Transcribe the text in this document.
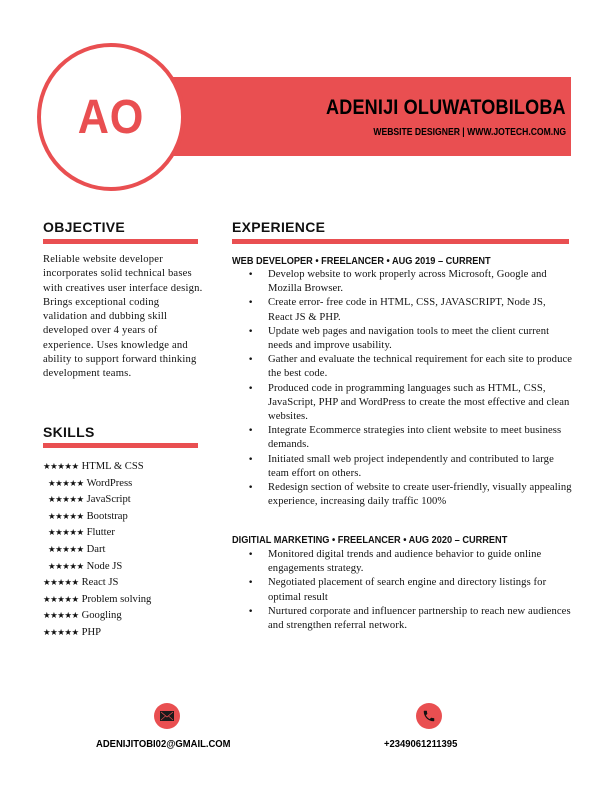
AO	ADENIJI OLUWATOBILOBA
WEBSITE DESIGNER | WWW.JOTECH.COM.NG
OBJECTIVE

Reliable website developer incorporates solid technical bases with creatives user interface design. Brings exceptional coding validation and dubbing skill developed over 4 years of experience. Uses knowledge and ability to support forward thinking development teams.

SKILLS
★★★★★ HTML & CSS
★★★★★ WordPress
★★★★★ JavaScript
★★★★★ Bootstrap
★★★★★ Flutter
★★★★★ Dart
★★★★★ Node JS
★★★★★ React JS
★★★★★ Problem solving
★★★★★ Googling
★★★★★ PHP
EXPERIENCE
WEB DEVELOPER • FREELANCER • AUG 2019 – CURRENT
• Develop website to work properly across Microsoft, Google and Mozilla Browser.
• Create error- free code in HTML, CSS, JAVASCRIPT, Node JS, React JS & PHP.
• Update web pages and navigation tools to meet the client current needs and improve usability.
• Gather and evaluate the technical requirement for each site to produce the best code.
• Produced code in programming languages such as HTML, CSS, JavaScript, PHP and WordPress to create the most effective and clean websites.
• Integrate Ecommerce strategies into client website to meet business demands.
• Initiated small web project independently and contributed to large team effort on others.
• Redesign section of website to create user-friendly, visually appealing experience, increasing daily traffic 100%
DIGITIAL MARKETING • FREELANCER • AUG 2020 – CURRENT
• Monitored digital trends and audience behavior to guide online engagements strategy.
• Negotiated placement of search engine and directory listings for optimal result
• Nurtured corporate and influencer partnership to reach new audiences and strengthen referral network.
ADENIJITOBI02@GMAIL.COM	+2349061211395
